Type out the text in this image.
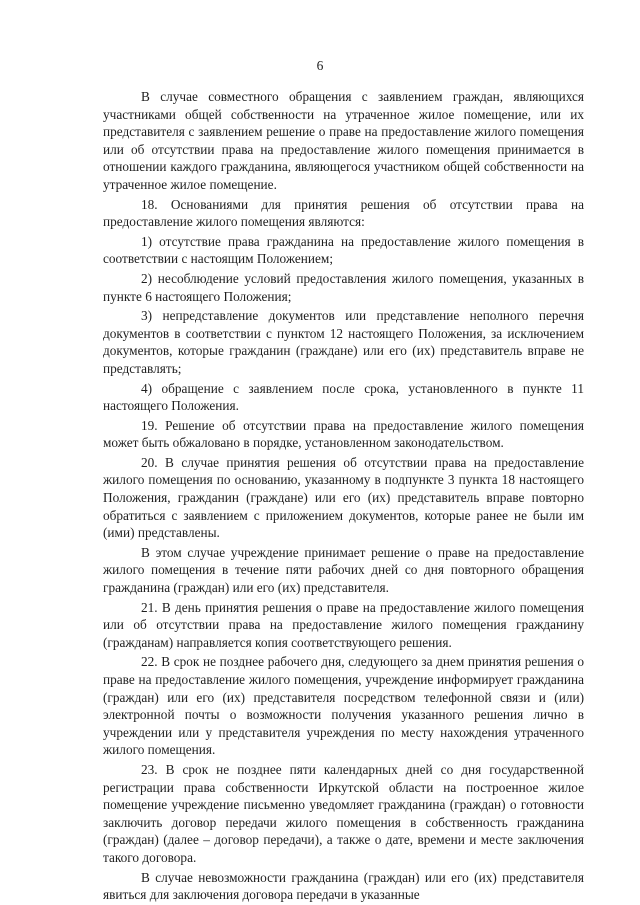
6

В случае совместного обращения с заявлением граждан, являющихся участниками общей собственности на утраченное жилое помещение, или их представителя с заявлением решение о праве на предоставление жилого помещения или об отсутствии права на предоставление жилого помещения принимается в отношении каждого гражданина, являющегося участником общей собственности на утраченное жилое помещение.

18. Основаниями для принятия решения об отсутствии права на предоставление жилого помещения являются:

1) отсутствие права гражданина на предоставление жилого помещения в соответствии с настоящим Положением;

2) несоблюдение условий предоставления жилого помещения, указанных в пункте 6 настоящего Положения;

3) непредставление документов или представление неполного перечня документов в соответствии с пунктом 12 настоящего Положения, за исключением документов, которые гражданин (граждане) или его (их) представитель вправе не представлять;

4) обращение с заявлением после срока, установленного в пункте 11 настоящего Положения.

19. Решение об отсутствии права на предоставление жилого помещения может быть обжаловано в порядке, установленном законодательством.

20. В случае принятия решения об отсутствии права на предоставление жилого помещения по основанию, указанному в подпункте 3 пункта 18 настоящего Положения, гражданин (граждане) или его (их) представитель вправе повторно обратиться с заявлением с приложением документов, которые ранее не были им (ими) представлены.

В этом случае учреждение принимает решение о праве на предоставление жилого помещения в течение пяти рабочих дней со дня повторного обращения гражданина (граждан) или его (их) представителя.

21. В день принятия решения о праве на предоставление жилого помещения или об отсутствии права на предоставление жилого помещения гражданину (гражданам) направляется копия соответствующего решения.

22. В срок не позднее рабочего дня, следующего за днем принятия решения о праве на предоставление жилого помещения, учреждение информирует гражданина (граждан) или его (их) представителя посредством телефонной связи и (или) электронной почты о возможности получения указанного решения лично в учреждении или у представителя учреждения по месту нахождения утраченного жилого помещения.

23. В срок не позднее пяти календарных дней со дня государственной регистрации права собственности Иркутской области на построенное жилое помещение учреждение письменно уведомляет гражданина (граждан) о готовности заключить договор передачи жилого помещения в собственность гражданина (граждан) (далее – договор передачи), а также о дате, времени и месте заключения такого договора.

В случае невозможности гражданина (граждан) или его (их) представителя явиться для заключения договора передачи в указанные
